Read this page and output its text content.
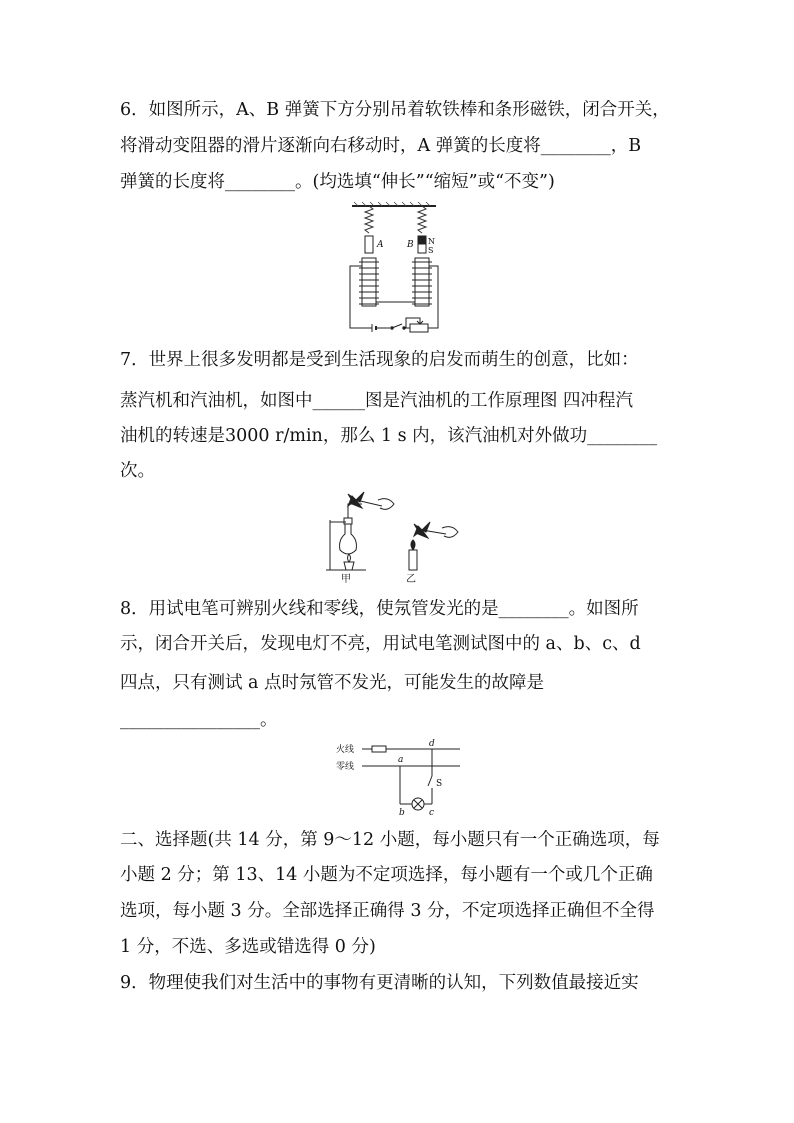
6．如图所示，A、B 弹簧下方分别吊着软铁棒和条形磁铁，闭合开关，
将滑动变阻器的滑片逐渐向右移动时，A 弹簧的长度将________，B
弹簧的长度将________。(均选填“伸长”“缩短”或“不变”)
A	B N
S
7．世界上很多发明都是受到生活现象的启发而萌生的创意，比如：
蒸汽机和汽油机，如图中______图是汽油机的工作原理图 四冲程汽
油机的转速是3000 r/min，那么 1 s 内，该汽油机对外做功________
次。
甲	乙
8．用试电笔可辨别火线和零线，使氖管发光的是________。如图所
示，闭合开关后，发现电灯不亮，用试电笔测试图中的 a、b、c、d
四点，只有测试 a 点时氖管不发光，可能发生的故障是
________________。
火线
零线
d
a
S
b	c
二、选择题(共 14 分，第 9～12 小题，每小题只有一个正确选项，每
小题 2 分；第 13、14 小题为不定项选择，每小题有一个或几个正确
选项，每小题 3 分。全部选择正确得 3 分，不定项选择正确但不全得
1 分，不选、多选或错选得 0 分)
9．物理使我们对生活中的事物有更清晰的认知，下列数值最接近实
